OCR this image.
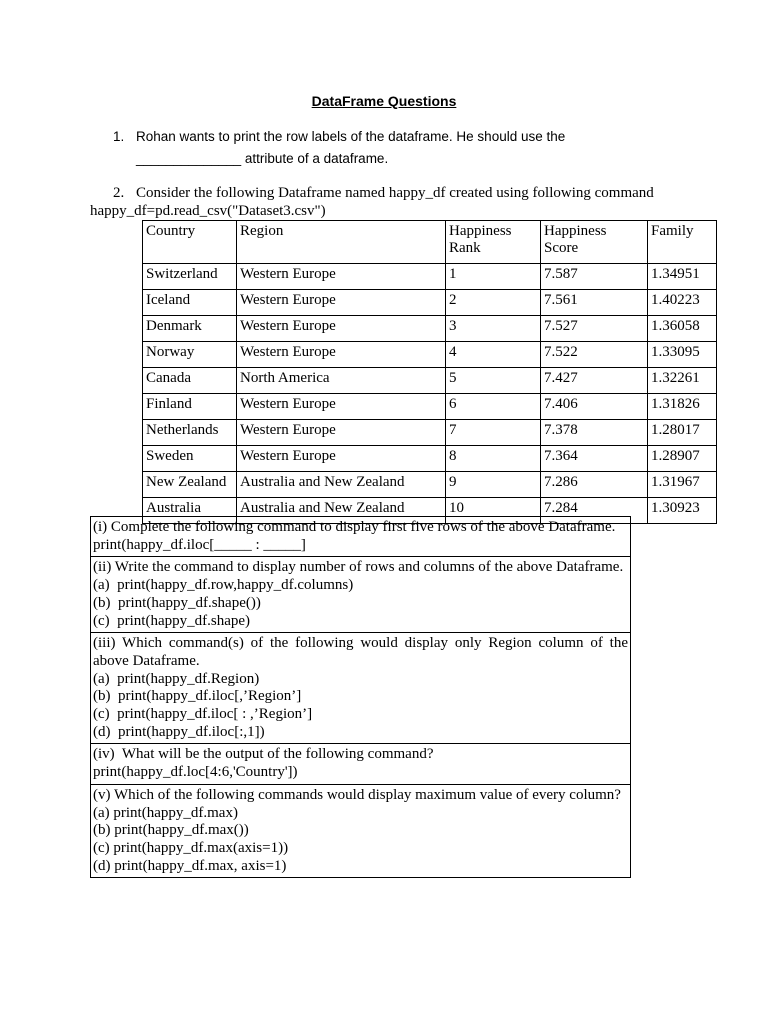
DataFrame Questions
1. Rohan wants to print the row labels of the dataframe. He should use the
______________ attribute of a dataframe.
2. Consider the following Dataframe named happy_df created using following command
happy_df=pd.read_csv("Dataset3.csv")
Country	Region	Happiness Rank	Happiness Score	Family
Switzerland	Western Europe	1	7.587	1.34951
Iceland	Western Europe	2	7.561	1.40223
Denmark	Western Europe	3	7.527	1.36058
Norway	Western Europe	4	7.522	1.33095
Canada	North America	5	7.427	1.32261
Finland	Western Europe	6	7.406	1.31826
Netherlands	Western Europe	7	7.378	1.28017
Sweden	Western Europe	8	7.364	1.28907
New Zealand	Australia and New Zealand	9	7.286	1.31967
Australia	Australia and New Zealand	10	7.284	1.30923
(i) Complete the following command to display first five rows of the above Dataframe.
print(happy_df.iloc[_____ : _____]

(ii) Write the command to display number of rows and columns of the above Dataframe.
(a)  print(happy_df.row,happy_df.columns)
(b)  print(happy_df.shape())
(c)  print(happy_df.shape)

(iii) Which command(s) of the following would display only Region column of the above Dataframe.
(a)  print(happy_df.Region)
(b)  print(happy_df.iloc[,’Region’]
(c)  print(happy_df.iloc[ : ,’Region’]
(d)  print(happy_df.iloc[:,1])

(iv)  What will be the output of the following command?
print(happy_df.loc[4:6,'Country'])

(v) Which of the following commands would display maximum value of every column?
(a) print(happy_df.max)
(b) print(happy_df.max())
(c) print(happy_df.max(axis=1))
(d) print(happy_df.max, axis=1)
